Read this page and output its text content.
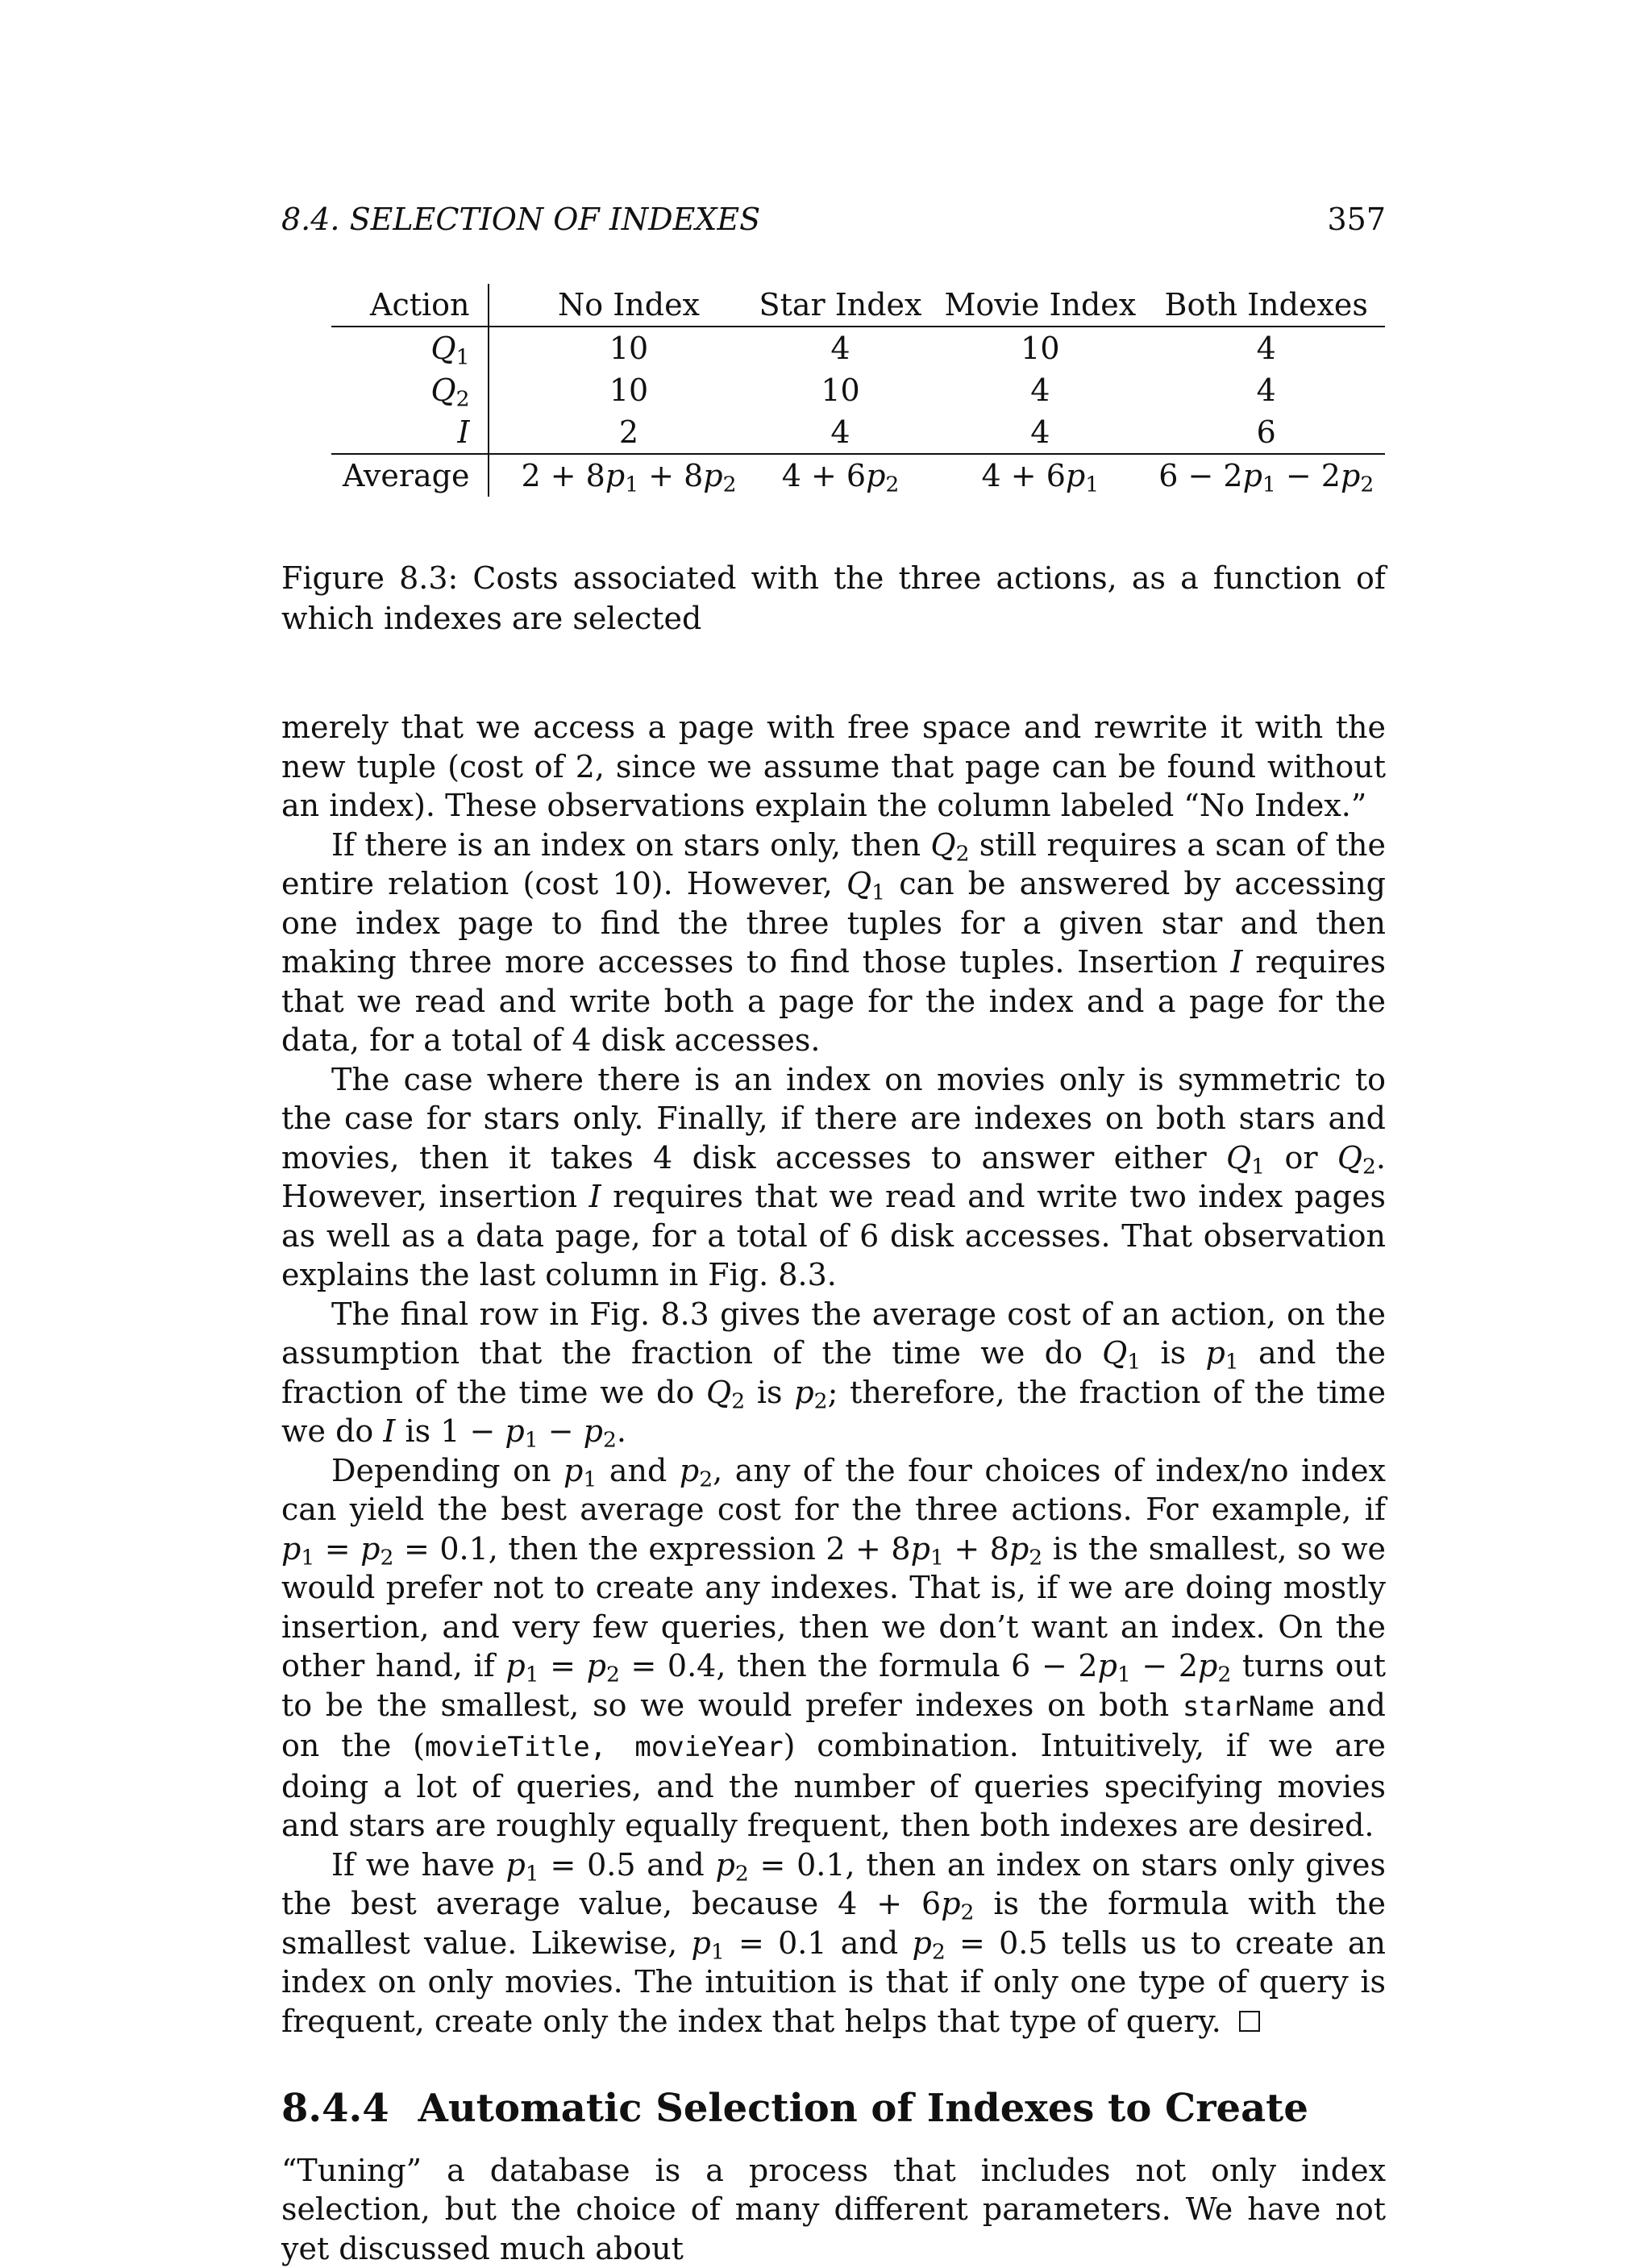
8.4. SELECTION OF INDEXES	357
Action	No Index	Star Index	Movie Index	Both Indexes
$Q_1$	10	4	10	4
$Q_2$	10	10	4	4
I	2	4	4	6
Average	$2 + 8p_1 + 8p_2$	$4 + 6p_2$	$4 + 6p_1$	$6 - 2p_1 - 2p_2$
Figure 8.3: Costs associated with the three actions, as a function of which indexes are selected

merely that we access a page with free space and rewrite it with the new tuple (cost of 2, since we assume that page can be found without an index). These observations explain the column labeled “No Index.”

If there is an index on stars only, then $Q_2$ still requires a scan of the entire relation (cost 10). However, $Q_1$ can be answered by accessing one index page to find the three tuples for a given star and then making three more accesses to find those tuples. Insertion I requires that we read and write both a page for the index and a page for the data, for a total of 4 disk accesses.

The case where there is an index on movies only is symmetric to the case for stars only. Finally, if there are indexes on both stars and movies, then it takes 4 disk accesses to answer either $Q_1$ or $Q_2$. However, insertion I requires that we read and write two index pages as well as a data page, for a total of 6 disk accesses. That observation explains the last column in Fig. 8.3.

The final row in Fig. 8.3 gives the average cost of an action, on the assumption that the fraction of the time we do $Q_1$ is $p_1$ and the fraction of the time we do $Q_2$ is $p_2$; therefore, the fraction of the time we do I is $1 - p_1 - p_2$.

Depending on $p_1$ and $p_2$, any of the four choices of index/no index can yield the best average cost for the three actions. For example, if $p_1 = p_2 = 0.1$, then the expression $2 + 8p_1 + 8p_2$ is the smallest, so we would prefer not to create any indexes. That is, if we are doing mostly insertion, and very few queries, then we don’t want an index. On the other hand, if $p_1 = p_2 = 0.4$, then the formula $6 - 2p_1 - 2p_2$ turns out to be the smallest, so we would prefer indexes on both starName and on the (movieTitle, movieYear) combination. Intuitively, if we are doing a lot of queries, and the number of queries specifying movies and stars are roughly equally frequent, then both indexes are desired.

If we have $p_1 = 0.5$ and $p_2 = 0.1$, then an index on stars only gives the best average value, because $4 + 6p_2$ is the formula with the smallest value. Likewise, $p_1 = 0.1$ and $p_2 = 0.5$ tells us to create an index on only movies. The intuition is that if only one type of query is frequent, create only the index that helps that type of query.

8.4.4 Automatic Selection of Indexes to Create

“Tuning” a database is a process that includes not only index selection, but the choice of many different parameters. We have not yet discussed much about
